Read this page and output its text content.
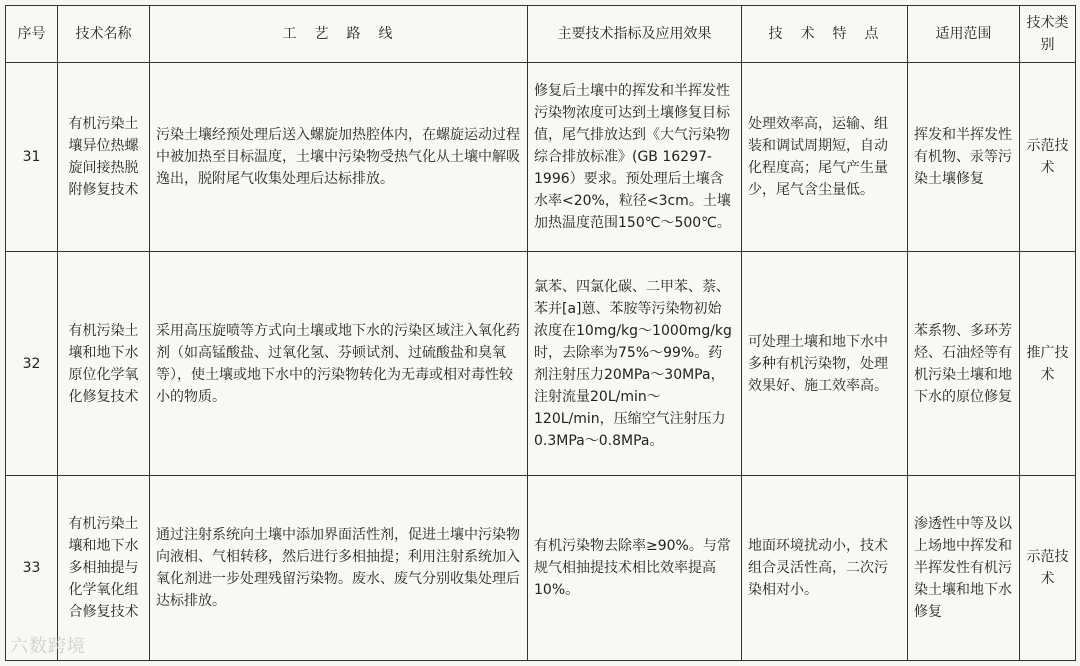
序号	技术名称	工　艺　路　线	主要技术指标及应用效果	技　术　特　点	适用范围	技术类别
31	有机污染土壤异位热螺旋间接热脱附修复技术	污染土壤经预处理后送入螺旋加热腔体内，在螺旋运动过程中被加热至目标温度，土壤中污染物受热气化从土壤中解吸逸出，脱附尾气收集处理后达标排放。	修复后土壤中的挥发和半挥发性污染物浓度可达到土壤修复目标值，尾气排放达到《大气污染物综合排放标准》(GB 16297-1996）要求。预处理后土壤含水率<20%，粒径<3cm。土壤加热温度范围150℃～500℃。	处理效率高，运输、组装和调试周期短，自动化程度高；尾气产生量少，尾气含尘量低。	挥发和半挥发性有机物、汞等污染土壤修复	示范技术
32	有机污染土壤和地下水原位化学氧化修复技术	采用高压旋喷等方式向土壤或地下水的污染区域注入氧化药剂（如高锰酸盐、过氧化氢、芬顿试剂、过硫酸盐和臭氧等），使土壤或地下水中的污染物转化为无毒或相对毒性较小的物质。	氯苯、四氯化碳、二甲苯、萘、苯并[a]蒽、苯胺等污染物初始浓度在10mg/kg～1000mg/kg时，去除率为75%～99%。药剂注射压力20MPa～30MPa，注射流量20L/min～120L/min，压缩空气注射压力0.3MPa～0.8MPa。	可处理土壤和地下水中多种有机污染物，处理效果好、施工效率高。	苯系物、多环芳烃、石油烃等有机污染土壤和地下水的原位修复	推广技术
33	有机污染土壤和地下水多相抽提与化学氧化组合修复技术	通过注射系统向土壤中添加界面活性剂，促进土壤中污染物向液相、气相转移，然后进行多相抽提；利用注射系统加入氧化剂进一步处理残留污染物。废水、废气分别收集处理后达标排放。	有机污染物去除率≥90%。与常规气相抽提技术相比效率提高10%。	地面环境扰动小，技术组合灵活性高，二次污染相对小。	渗透性中等及以上场地中挥发和半挥发性有机污染土壤和地下水修复	示范技术
六数跨境
